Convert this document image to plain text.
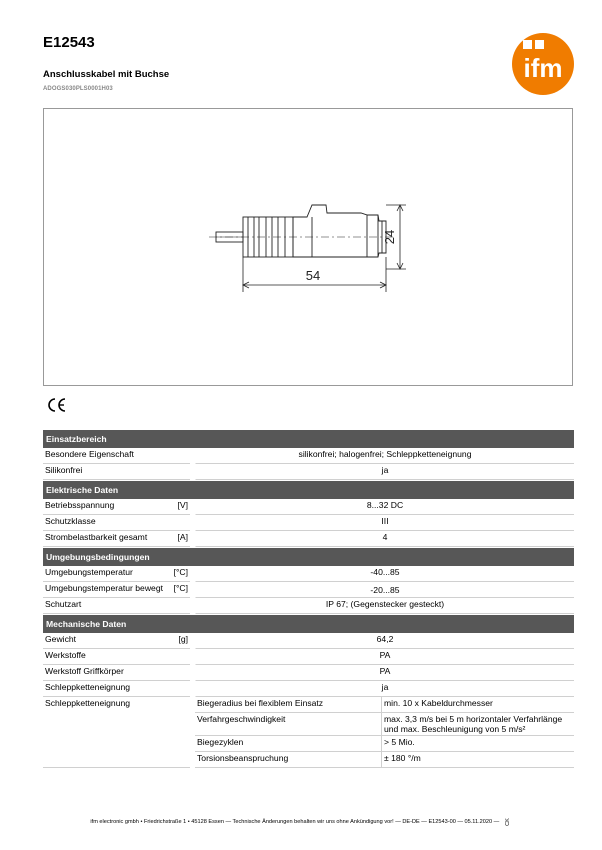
E12543
Anschlusskabel mit Buchse
ADOGS030PLS0001H03
ifm
24
54
Einsatzbereich				
Besondere Eigenschaft			silikonfrei; halogenfrei; Schleppketteneignung	
Silikonfrei			ja	
Elektrische Daten				
Betriebsspannung	[V]		8...32 DC	
Schutzklasse			III	
Strombelastbarkeit gesamt	[A]		4	
Umgebungsbedingungen				
Umgebungstemperatur	[°C]		-40...85	
Umgebungstemperatur bewegt	[°C]		-20...85	
Schutzart			IP 67; (Gegenstecker gesteckt)	
Mechanische Daten				
Gewicht	[g]		64,2	
Werkstoffe			PA	
Werkstoff Griffkörper			PA	
Schleppketteneignung			ja	
Schleppketteneignung			Biegeradius bei flexiblem Einsatz	min. 10 x Kabeldurchmesser
			Verfahrgeschwindigkeit	max. 3,3 m/s bei 5 m horizontaler Verfahrlänge und max. Beschleunigung von 5 m/s²
			Biegezyklen	> 5 Mio.
			Torsionsbeanspruchung	± 180 °/m
ifm electronic gmbh • Friedrichstraße 1 • 45128 Essen — Technische Änderungen behalten wir uns ohne Ankündigung vor! — DE-DE — E12543-00 — 05.11.2020 — CK
